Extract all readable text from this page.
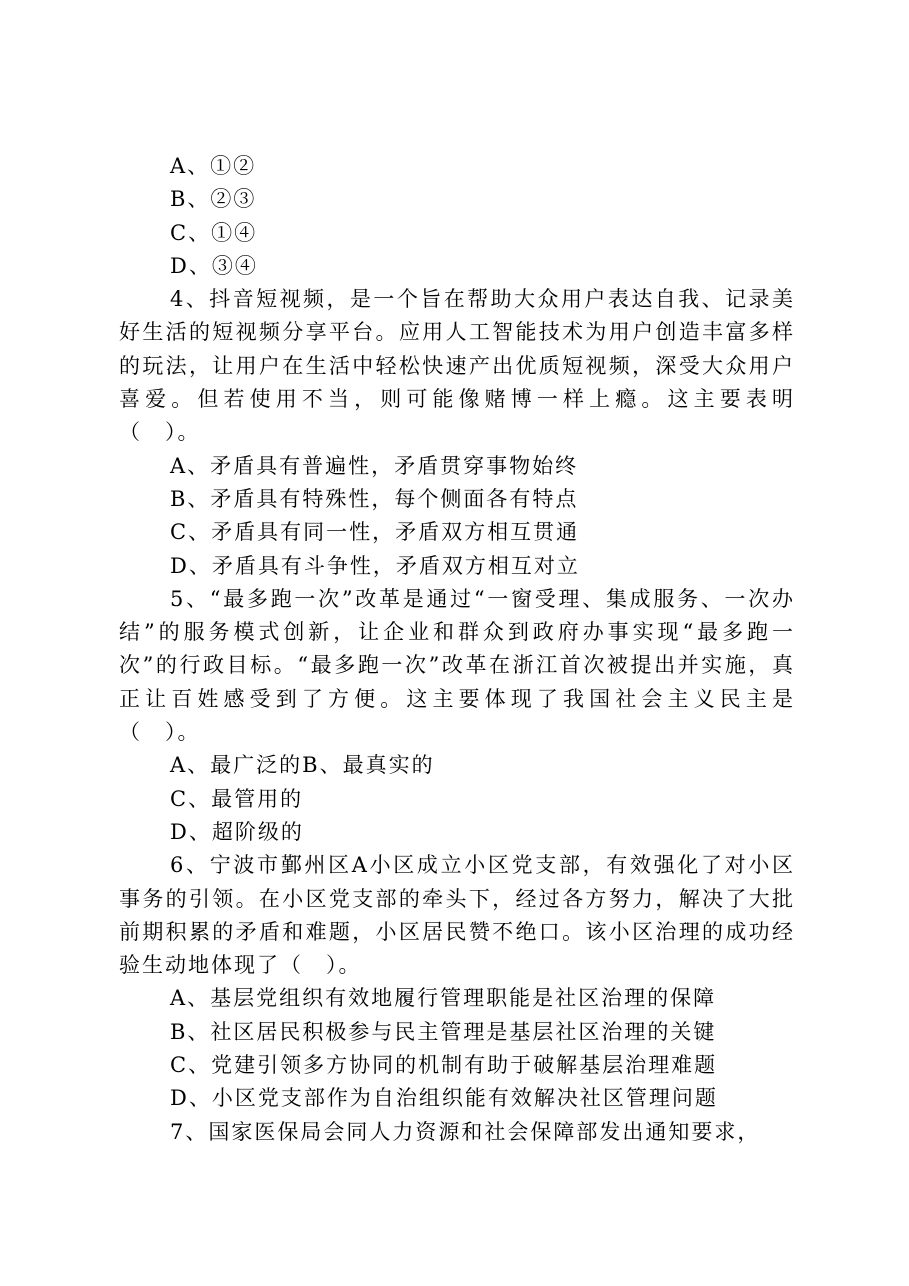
A、①②
B、②③
C、①④
D、③④

4、抖音短视频，是一个旨在帮助大众用户表达自我、记录美好生活的短视频分享平台。应用人工智能技术为用户创造丰富多样的玩法，让用户在生活中轻松快速产出优质短视频，深受大众用户喜爱。但若使用不当，则可能像赌博一样上瘾。这主要表明（　）。

A、矛盾具有普遍性，矛盾贯穿事物始终
B、矛盾具有特殊性，每个侧面各有特点
C、矛盾具有同一性，矛盾双方相互贯通
D、矛盾具有斗争性，矛盾双方相互对立

5、“最多跑一次”改革是通过“一窗受理、集成服务、一次办结”的服务模式创新，让企业和群众到政府办事实现“最多跑一次”的行政目标。“最多跑一次”改革在浙江首次被提出并实施，真正让百姓感受到了方便。这主要体现了我国社会主义民主是（　）。

A、最广泛的B、最真实的
C、最管用的
D、超阶级的

6、宁波市鄞州区A小区成立小区党支部，有效强化了对小区事务的引领。在小区党支部的牵头下，经过各方努力，解决了大批前期积累的矛盾和难题，小区居民赞不绝口。该小区治理的成功经验生动地体现了（　）。

A、基层党组织有效地履行管理职能是社区治理的保障
B、社区居民积极参与民主管理是基层社区治理的关键
C、党建引领多方协同的机制有助于破解基层治理难题
D、小区党支部作为自治组织能有效解决社区管理问题

7、国家医保局会同人力资源和社会保障部发出通知要求，
